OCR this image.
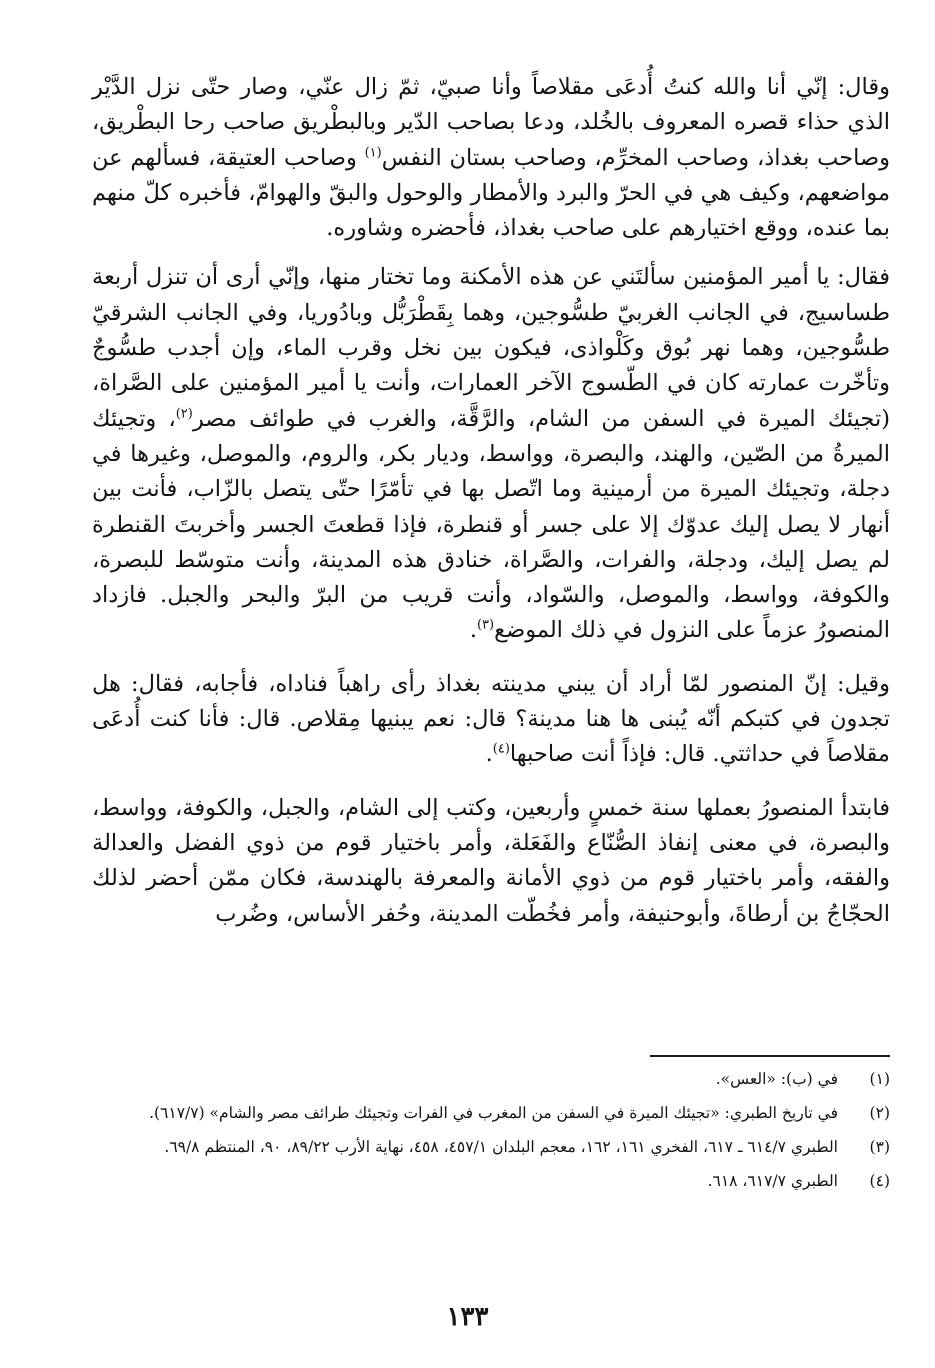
وقال: إنّي أنا والله كنتُ أُدعَى مقلاصاً وأنا صبيّ، ثمّ زال عنّي، وصار حتّى نزل الدَّيْر الذي حذاء قصره المعروف بالخُلد، ودعا بصاحب الدّير وبالبطْريق صاحب رحا البطْريق، وصاحب بغداذ، وصاحب المخرِّم، وصاحب بستان النفس$^{(١)}$ وصاحب العتيقة، فسألهم عن مواضعهم، وكيف هي في الحرّ والبرد والأمطار والوحول والبقّ والهوامّ، فأخبره كلّ منهم بما عنده، ووقع اختيارهم على صاحب بغداذ، فأحضره وشاوره.

فقال: يا أمير المؤمنين سألتَني عن هذه الأمكنة وما تختار منها، وإنّي أرى أن تنزل أربعة طساسيج، في الجانب الغربيّ طسُّوجين، وهما بِقَطْرَبُّل وبادُوريا، وفي الجانب الشرقيّ طسُّوجين، وهما نهر بُوق وكَلْواذى، فيكون بين نخل وقرب الماء، وإن أجدب طسُّوجٌ وتأخّرت عمارته كان في الطّسوج الآخر العمارات، وأنت يا أمير المؤمنين على الصَّراة، (تجيئك الميرة في السفن من الشام، والرَّقَّة، والغرب في طوائف مصر$^{(٢)}$، وتجيئك الميرةُ من الصّين، والهند، والبصرة، وواسط، وديار بكر، والروم، والموصل، وغيرها في دجلة، وتجيئك الميرة من أرمينية وما اتّصل بها في تأمّرًا حتّى يتصل بالزّاب، فأنت بين أنهار لا يصل إليك عدوّك إلا على جسر أو قنطرة، فإذا قطعتَ الجسر وأخربتَ القنطرة لم يصل إليك، ودجلة، والفرات، والصَّراة، خنادق هذه المدينة، وأنت متوسّط للبصرة، والكوفة، وواسط، والموصل، والسّواد، وأنت قريب من البرّ والبحر والجبل. فازداد المنصورُ عزماً على النزول في ذلك الموضع$^{(٣)}$.

وقيل: إنّ المنصور لمّا أراد أن يبني مدينته بغداذ رأى راهباً فناداه، فأجابه، فقال: هل تجدون في كتبكم أنّه يُبنى ها هنا مدينة؟ قال: نعم يبنيها مِقلاص. قال: فأنا كنت أُدعَى مقلاصاً في حداثتي. قال: فإذاً أنت صاحبها$^{(٤)}$.

فابتدأ المنصورُ بعملها سنة خمسٍ وأربعين، وكتب إلى الشام، والجبل، والكوفة، وواسط، والبصرة، في معنى إنفاذ الصُّنّاع والفَعَلة، وأمر باختيار قوم من ذوي الفضل والعدالة والفقه، وأمر باختيار قوم من ذوي الأمانة والمعرفة بالهندسة، فكان ممّن أحضر لذلك الحجّاجُ بن أرطاةَ، وأبوحنيفة، وأمر فخُطّت المدينة، وحُفر الأساس، وضُرب

(١)
في (ب): «العس».
(٢)
في تاريخ الطبري: «تجيئك الميرة في السفن من المغرب في الفرات وتجيئك طرائف مصر والشام» (٦١٧/٧).
(٣)
الطبري ٦١٤/٧ ـ ٦١٧، الفخري ١٦١، ١٦٢، معجم البلدان ٤٥٧/١، ٤٥٨، نهاية الأرب ٨٩/٢٢، ٩٠، المنتظم ٦٩/٨.
(٤)
الطبري ٦١٧/٧، ٦١٨.
١٣٣
